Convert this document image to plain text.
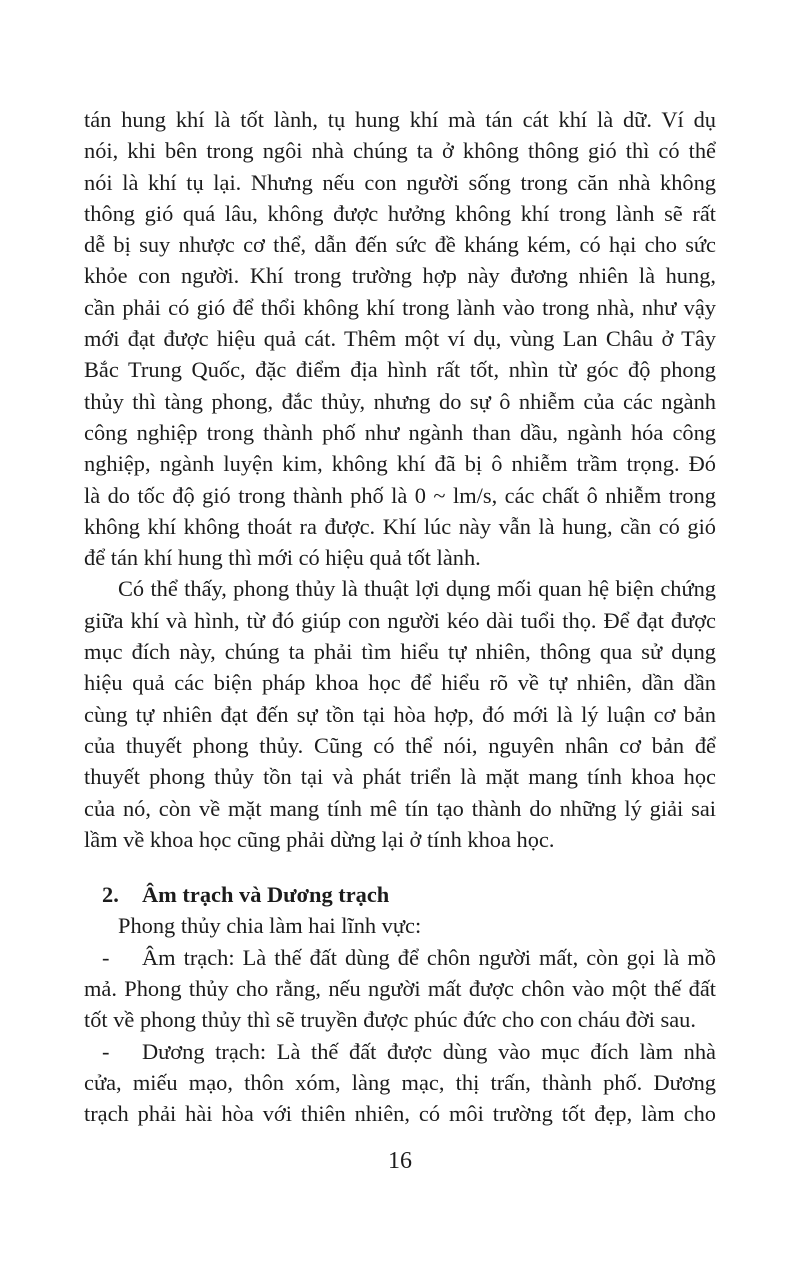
tán hung khí là tốt lành, tụ hung khí mà tán cát khí là dữ. Ví dụ
nói, khi bên trong ngôi nhà chúng ta ở không thông gió thì có thể
nói là khí tụ lại. Nhưng nếu con người sống trong căn nhà không
thông gió quá lâu, không được hưởng không khí trong lành sẽ rất
dễ bị suy nhược cơ thể, dẫn đến sức đề kháng kém, có hại cho sức
khỏe con người. Khí trong trường hợp này đương nhiên là hung,
cần phải có gió để thổi không khí trong lành vào trong nhà, như vậy
mới đạt được hiệu quả cát. Thêm một ví dụ, vùng Lan Châu ở Tây
Bắc Trung Quốc, đặc điểm địa hình rất tốt, nhìn từ góc độ phong
thủy thì tàng phong, đắc thủy, nhưng do sự ô nhiễm của các ngành
công nghiệp trong thành phố như ngành than dầu, ngành hóa công
nghiệp, ngành luyện kim, không khí đã bị ô nhiễm trầm trọng. Đó
là do tốc độ gió trong thành phố là 0 ~ lm/s, các chất ô nhiễm trong
không khí không thoát ra được. Khí lúc này vẫn là hung, cần có gió
để tán khí hung thì mới có hiệu quả tốt lành.
Có thể thấy, phong thủy là thuật lợi dụng mối quan hệ biện chứng
giữa khí và hình, từ đó giúp con người kéo dài tuổi thọ. Để đạt được
mục đích này, chúng ta phải tìm hiểu tự nhiên, thông qua sử dụng
hiệu quả các biện pháp khoa học để hiểu rõ về tự nhiên, dần dần
cùng tự nhiên đạt đến sự tồn tại hòa hợp, đó mới là lý luận cơ bản
của thuyết phong thủy. Cũng có thể nói, nguyên nhân cơ bản để
thuyết phong thủy tồn tại và phát triển là mặt mang tính khoa học
của nó, còn về mặt mang tính mê tín tạo thành do những lý giải sai
lầm về khoa học cũng phải dừng lại ở tính khoa học.
2. Âm trạch và Dương trạch
Phong thủy chia làm hai lĩnh vực:
-	Âm trạch: Là thế đất dùng để chôn người mất, còn gọi là mồ
mả. Phong thủy cho rằng, nếu người mất được chôn vào một thế đất
tốt về phong thủy thì sẽ truyền được phúc đức cho con cháu đời sau.
-	Dương trạch: Là thế đất được dùng vào mục đích làm nhà
cửa, miếu mạo, thôn xóm, làng mạc, thị trấn, thành phố. Dương
trạch phải hài hòa với thiên nhiên, có môi trường tốt đẹp, làm cho
16
